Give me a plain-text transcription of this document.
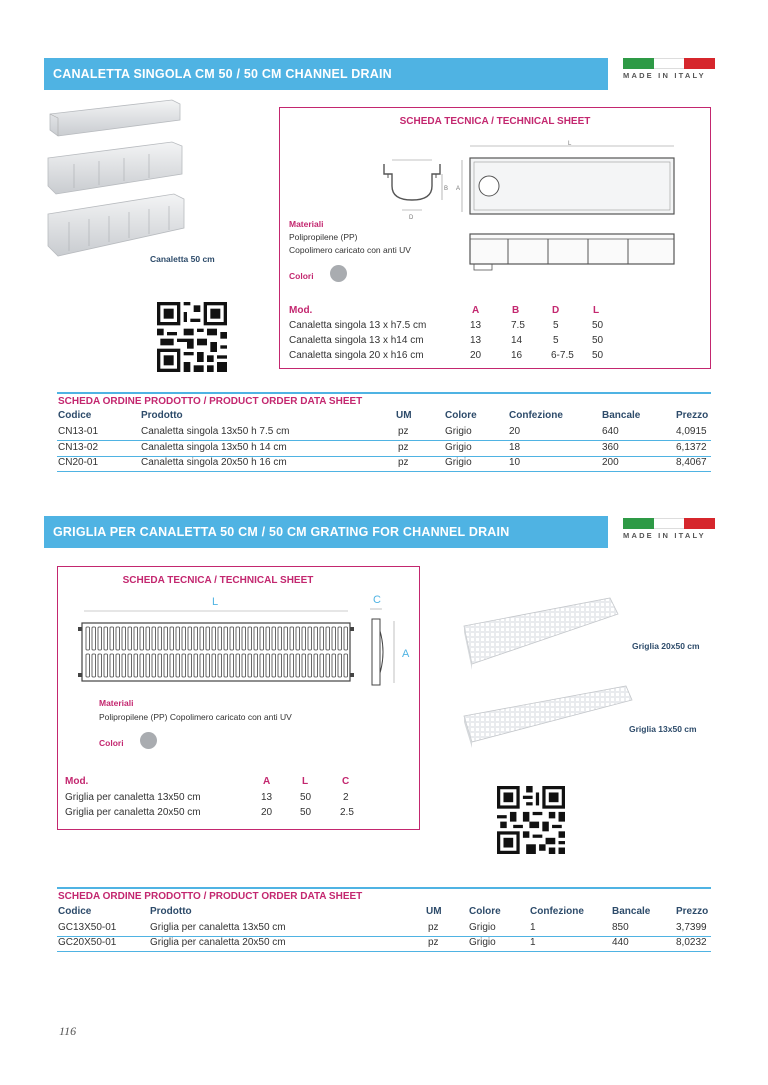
CANALETTA SINGOLA CM 50 / 50 CM CHANNEL DRAIN	MADE IN ITALY
Canaletta 50 cm
SCHEDA TECNICA / TECHNICAL SHEET
B
D
L
A
Materiali
Polipropilene (PP)
Copolimero caricato con anti UV
Colori
Mod.	A	B	D	L
Canaletta singola 13 x h7.5 cm	13	7.5	5	50
Canaletta singola 13 x h14 cm	13	14	5	50
Canaletta singola 20 x h16 cm	20	16	6-7.5 50
SCHEDA ORDINE PRODOTTO / PRODUCT ORDER DATA SHEET
Codice	Prodotto	UM	Colore	Confezione	Bancale	Prezzo
CN13-01	Canaletta singola 13x50 h 7.5 cm	pz	Grigio	20	640	4,0915
CN13-02	Canaletta singola 13x50 h 14 cm	pz	Grigio	18	360	6,1372
CN20-01	Canaletta singola 20x50 h 16 cm	pz	Grigio	10	200	8,4067
GRIGLIA PER CANALETTA 50 CM / 50 CM GRATING FOR CHANNEL DRAIN	MADE IN ITALY
SCHEDA TECNICA / TECHNICAL SHEET
L	C
A
Materiali
Polipropilene (PP) Copolimero caricato con anti UV
Colori
Mod.	A	L	C
Griglia per canaletta 13x50 cm	13	50	2
Griglia per canaletta 20x50 cm	20	50	2.5
Griglia 20x50 cm
Griglia 13x50 cm
SCHEDA ORDINE PRODOTTO / PRODUCT ORDER DATA SHEET
Codice	Prodotto	UM	Colore	Confezione	Bancale	Prezzo
GC13X50-01	Griglia per canaletta 13x50 cm	pz	Grigio	1	850	3,7399
GC20X50-01	Griglia per canaletta 20x50 cm	pz	Grigio	1	440	8,0232
116
